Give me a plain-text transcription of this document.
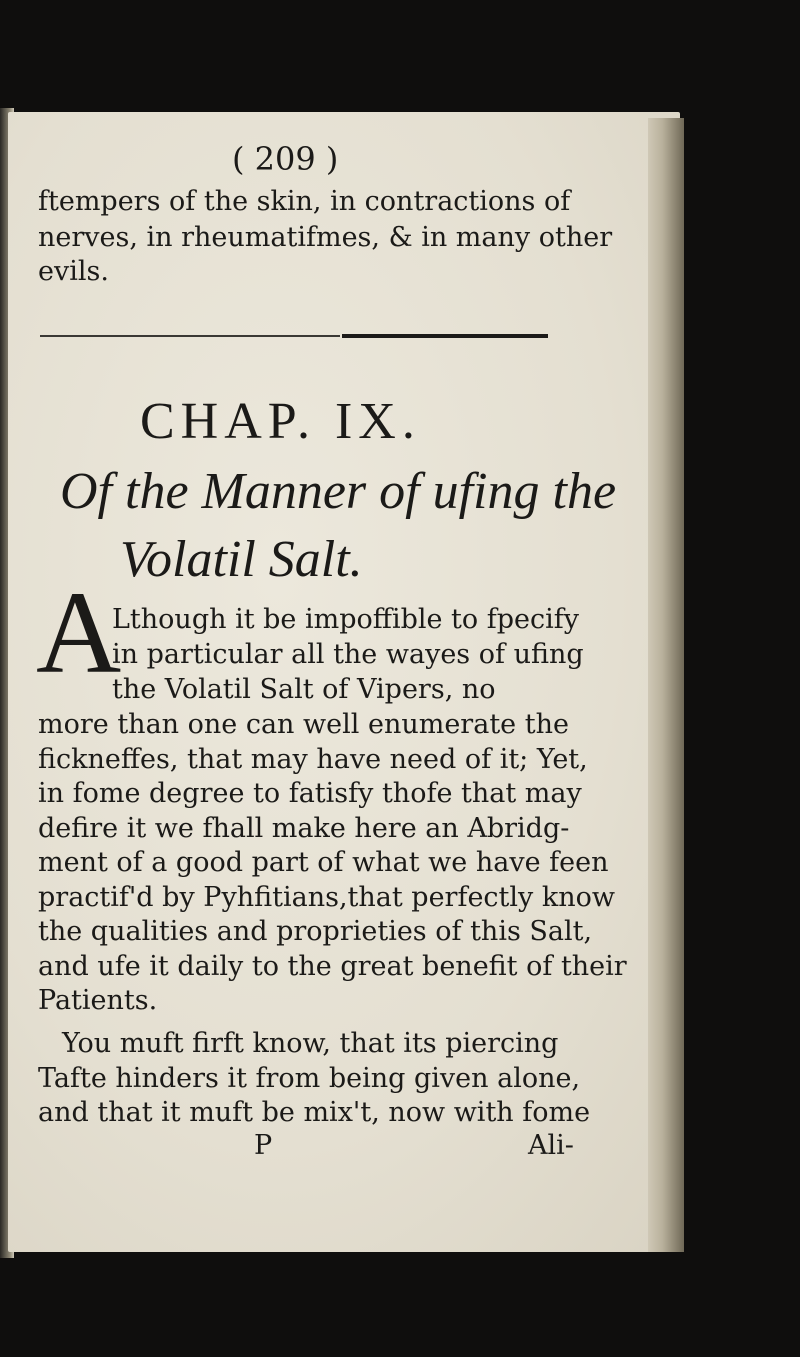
( 209 )
ftempers of the skin, in contractions of
nerves, in rheumatifmes, & in many other
evils.
CHAP. IX.
Of the Manner of ufing the
Volatil Salt.
A
Lthough it be impoffible to fpecify
in particular all the wayes of ufing
the Volatil Salt of Vipers, no
more than one can well enumerate the
fickneffes, that may have need of it; Yet,
in fome degree to fatisfy thofe that may
defire it we fhall make here an Abridg-
ment of a good part of what we have feen
practif'd by Pyhfitians,that perfectly know
the qualities and proprieties of this Salt,
and ufe it daily to the great benefit of their
Patients.
You muft firft know, that its piercing
Tafte hinders it from being given alone,
and that it muft be mix't, now with fome
P	Ali-
